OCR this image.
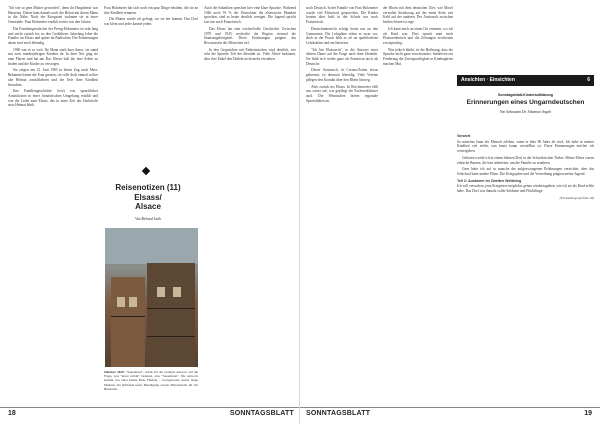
"Ich wär so gern Mutter geworden", denn ihr Hauptberuf war Hausfrau. Dieser kam damals nach der Heirat mit ihrem Mann in die Nähe. Nach der Kriegszeit wohnten sie in einer Gemeinde. Frau Holzmeier erzählt weiter von den Jahren.

Die Familiengeschichte der Perrig-Holzmeier ist sehr lang und reicht zurück bis zu den Großeltern. Jahrelang lebte die Familie im Elsass und später im Badischen. Die Erinnerungen daran sind noch lebendig.

1960 war es so weit. Ihr Mann starb kurz davor, sie stand mit zwei minderjährigen Kindern da. In ihrer Not ging sie zum Pfarrer und bat um Rat. Dieser half ihr, eine Arbeit zu finden und die Kinder zu versorgen.

Sie zeigen am 13. Juni 1983 in ihrem Zug nach Metz. Bekannte hatten der Frau geraten, sie solle doch einmal in ihre alte Heimat zurückkehren und die Orte ihrer Kindheit besuchen.

Ihre Familiengeschichte (wie) von sprachlicher Assimilation in einer französischen Umgebung erzählt und von der Liebe zum Elsass, das in einer Zeit der Umbrüche stets Heimat blieb.

Frau Holzmeier hat sich noch ein paar Dinge erhalten, die sie an ihre Kindheit erinnern.

Die Mutter wurde oft gefragt, wo sie her kommt. Das Dorf war klein und jeder kannte jeden.

Reisenotizen (11)
Elsass/
Alsace
Von Richard Guth

Oktober 2020: "Sauerkraut", erhält ich die prompte Antwort auf die Frage, was "kraut rubrik" bedeutet, also "Sauerkraut". Die Antwort kommt von einer Dame Ende Fünfzig – vorzugsweise weiter lange Minuten des Rittlands unter Beteiligung zweier Mitreisender im Ort Hunawihr.

Auch die Sabatiken sprechen hier eine klare Sprache: Während 1946 noch 91 % der Einwohner die elsässische Mundart sprachen, sind es heute deutlich weniger. Die Jugend spricht fast nur noch Französisch.

Das Elsass hat eine wechselvolle Geschichte. Zwischen 1870 und 1945 wechselte die Region viermal die Staatszugehörigkeit. Diese Erfahrungen prägten das Bewusstsein der Menschen tief.

In den Gesprächen mit Einheimischen wird deutlich, wie sehr die Sprache Teil der Identität ist. Viele Ältere bedauern, dass ihre Enkel den Dialekt nicht mehr verstehen.

18	SONNTAGSBLATT

noch Deutsch. In der Familie von Frau Holzmeier wurde viel Elsässisch gesprochen. Die Kinder lernten aber bald in der Schule nur noch Französisch.

Deutschunterricht erfolgt heute nur an den Gymnasien. Die Lehrpläne sehen es zwar vor, doch in der Praxis fehlt es oft an qualifizierten Lehrkräften und am Interesse.

"Ich bin Elsässerin", so die Antwort einer älteren Dame auf die Frage nach ihrer Identität. Sie fühlt sich weder ganz als Französin noch als Deutsche.

Dieser Austausch, in Corona-Zeiten etwas gebremst, ist dennoch lebendig. Viele Vereine pflegen den Kontakt über den Rhein hinweg.

Aber zurück ins Elsass. In Reichenweier fällt uns sofort auf, wie gepflegt die Fachwerkhäuser sind. Die Weinstuben bieten regionale Spezialitäten an.

der Rhein mit dem deutschen Ufer, wie Mosel verwaltet Strasbourg auf der einen Seite, mit Kehl auf der anderen. Der Austausch zwischen beiden Seiten ist rege.

Ich kann mich an einen Ort erinnern, wo ich als Kind war. Dort sprach man noch Elsässerdeutsch und die Zeitungen erschienen zweisprachig.

Was jedoch bleibt, ist die Hoffnung, dass die Sprache nicht ganz verschwindet. Initiativen zur Förderung der Zweisprachigkeit in Kindergärten machen Mut.

Ansichten · Einsichten	6
Sonntagsblatt-Kinderaufklärung
Erinnerungen eines Ungarndeutschen
Von Sebastiani Dr. Johannes Angeli

Vorwort

So manches kann der Mensch erleben, wenn er über 80 Jahre alt wird. Ich habe in meiner Kindheit viel erlebt, was heute kaum vorstellbar ist. Diese Erinnerungen möchte ich weitergeben.

Geboren wurde ich in einem kleinen Dorf in der Schwäbischen Türkei. Meine Eltern waren einfache Bauern, die hart arbeiteten, um die Familie zu ernähren.

Gern hätte ich auf so manche der aufgezwungenen Erfahrungen verzichtet, aber das Schicksal hatte andere Pläne. Die Kriegsjahre und die Vertreibung prägten meine Jugend.

Teil 2: Ausänner im Zweiten Weltkrieg

Ich will versuchen, jene Ereignisse möglichst genau wiederzugeben, wie ich sie als Kind erlebt habe. Das Dorf war damals voller Soldaten und Flüchtlinge.

(Fortsetzung auf Seite 20)

SONNTAGSBLATT	19
